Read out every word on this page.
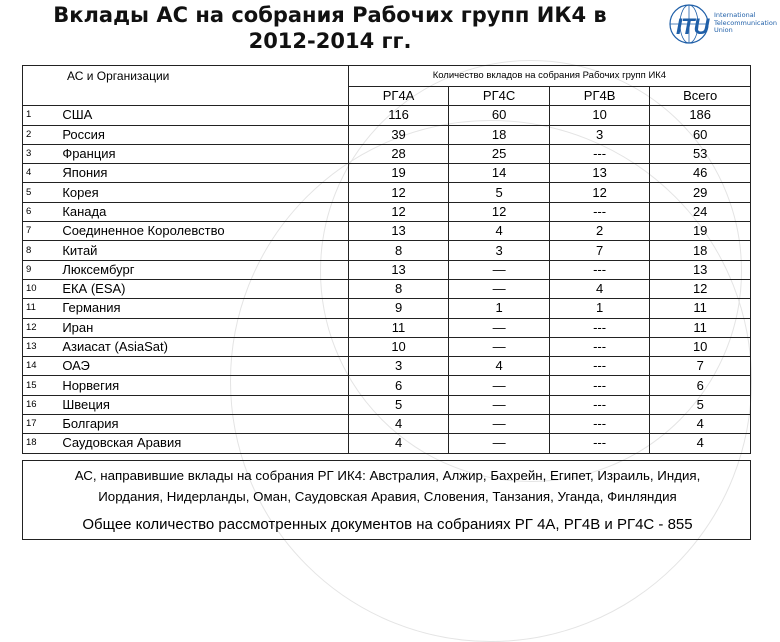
Вклады АС на собрания Рабочих групп ИК4 в
2012-2014 гг.
ITU International
Telecommunication
Union
АС и Организации		Количество вкладов на собрания Рабочих групп ИК4			
		РГ4А	РГ4С	РГ4В	Всего
1	США	116	60	10	186
2	Россия	39	18	3	60
3	Франция	28	25	---	53
4	Япония	19	14	13	46
5	Корея	12	5	12	29
6	Канада	12	12	---	24
7	Соединенное Королевство	13	4	2	19
8	Китай	8	3	7	18
9	Люксембург	13	—	---	13
10	ЕКА (ESA)	8	—	4	12
11	Германия	9	1	1	11
12	Иран	11	—	---	11
13	Азиасат (AsiaSat)	10	—	---	10
14	ОАЭ	3	4	---	7
15	Норвегия	6	—	---	6
16	Швеция	5	—	---	5
17	Болгария	4	—	---	4
18	Саудовская Аравия	4	—	---	4
АС, направившие вклады на собрания РГ ИК4: Австралия, Алжир, Бахрейн, Египет, Израиль, Индия,
Иордания, Нидерланды, Оман, Саудовская Аравия, Словения, Танзания, Уганда, Финляндия
Общее количество рассмотренных документов на собраниях РГ 4А, РГ4В и РГ4С - 855
